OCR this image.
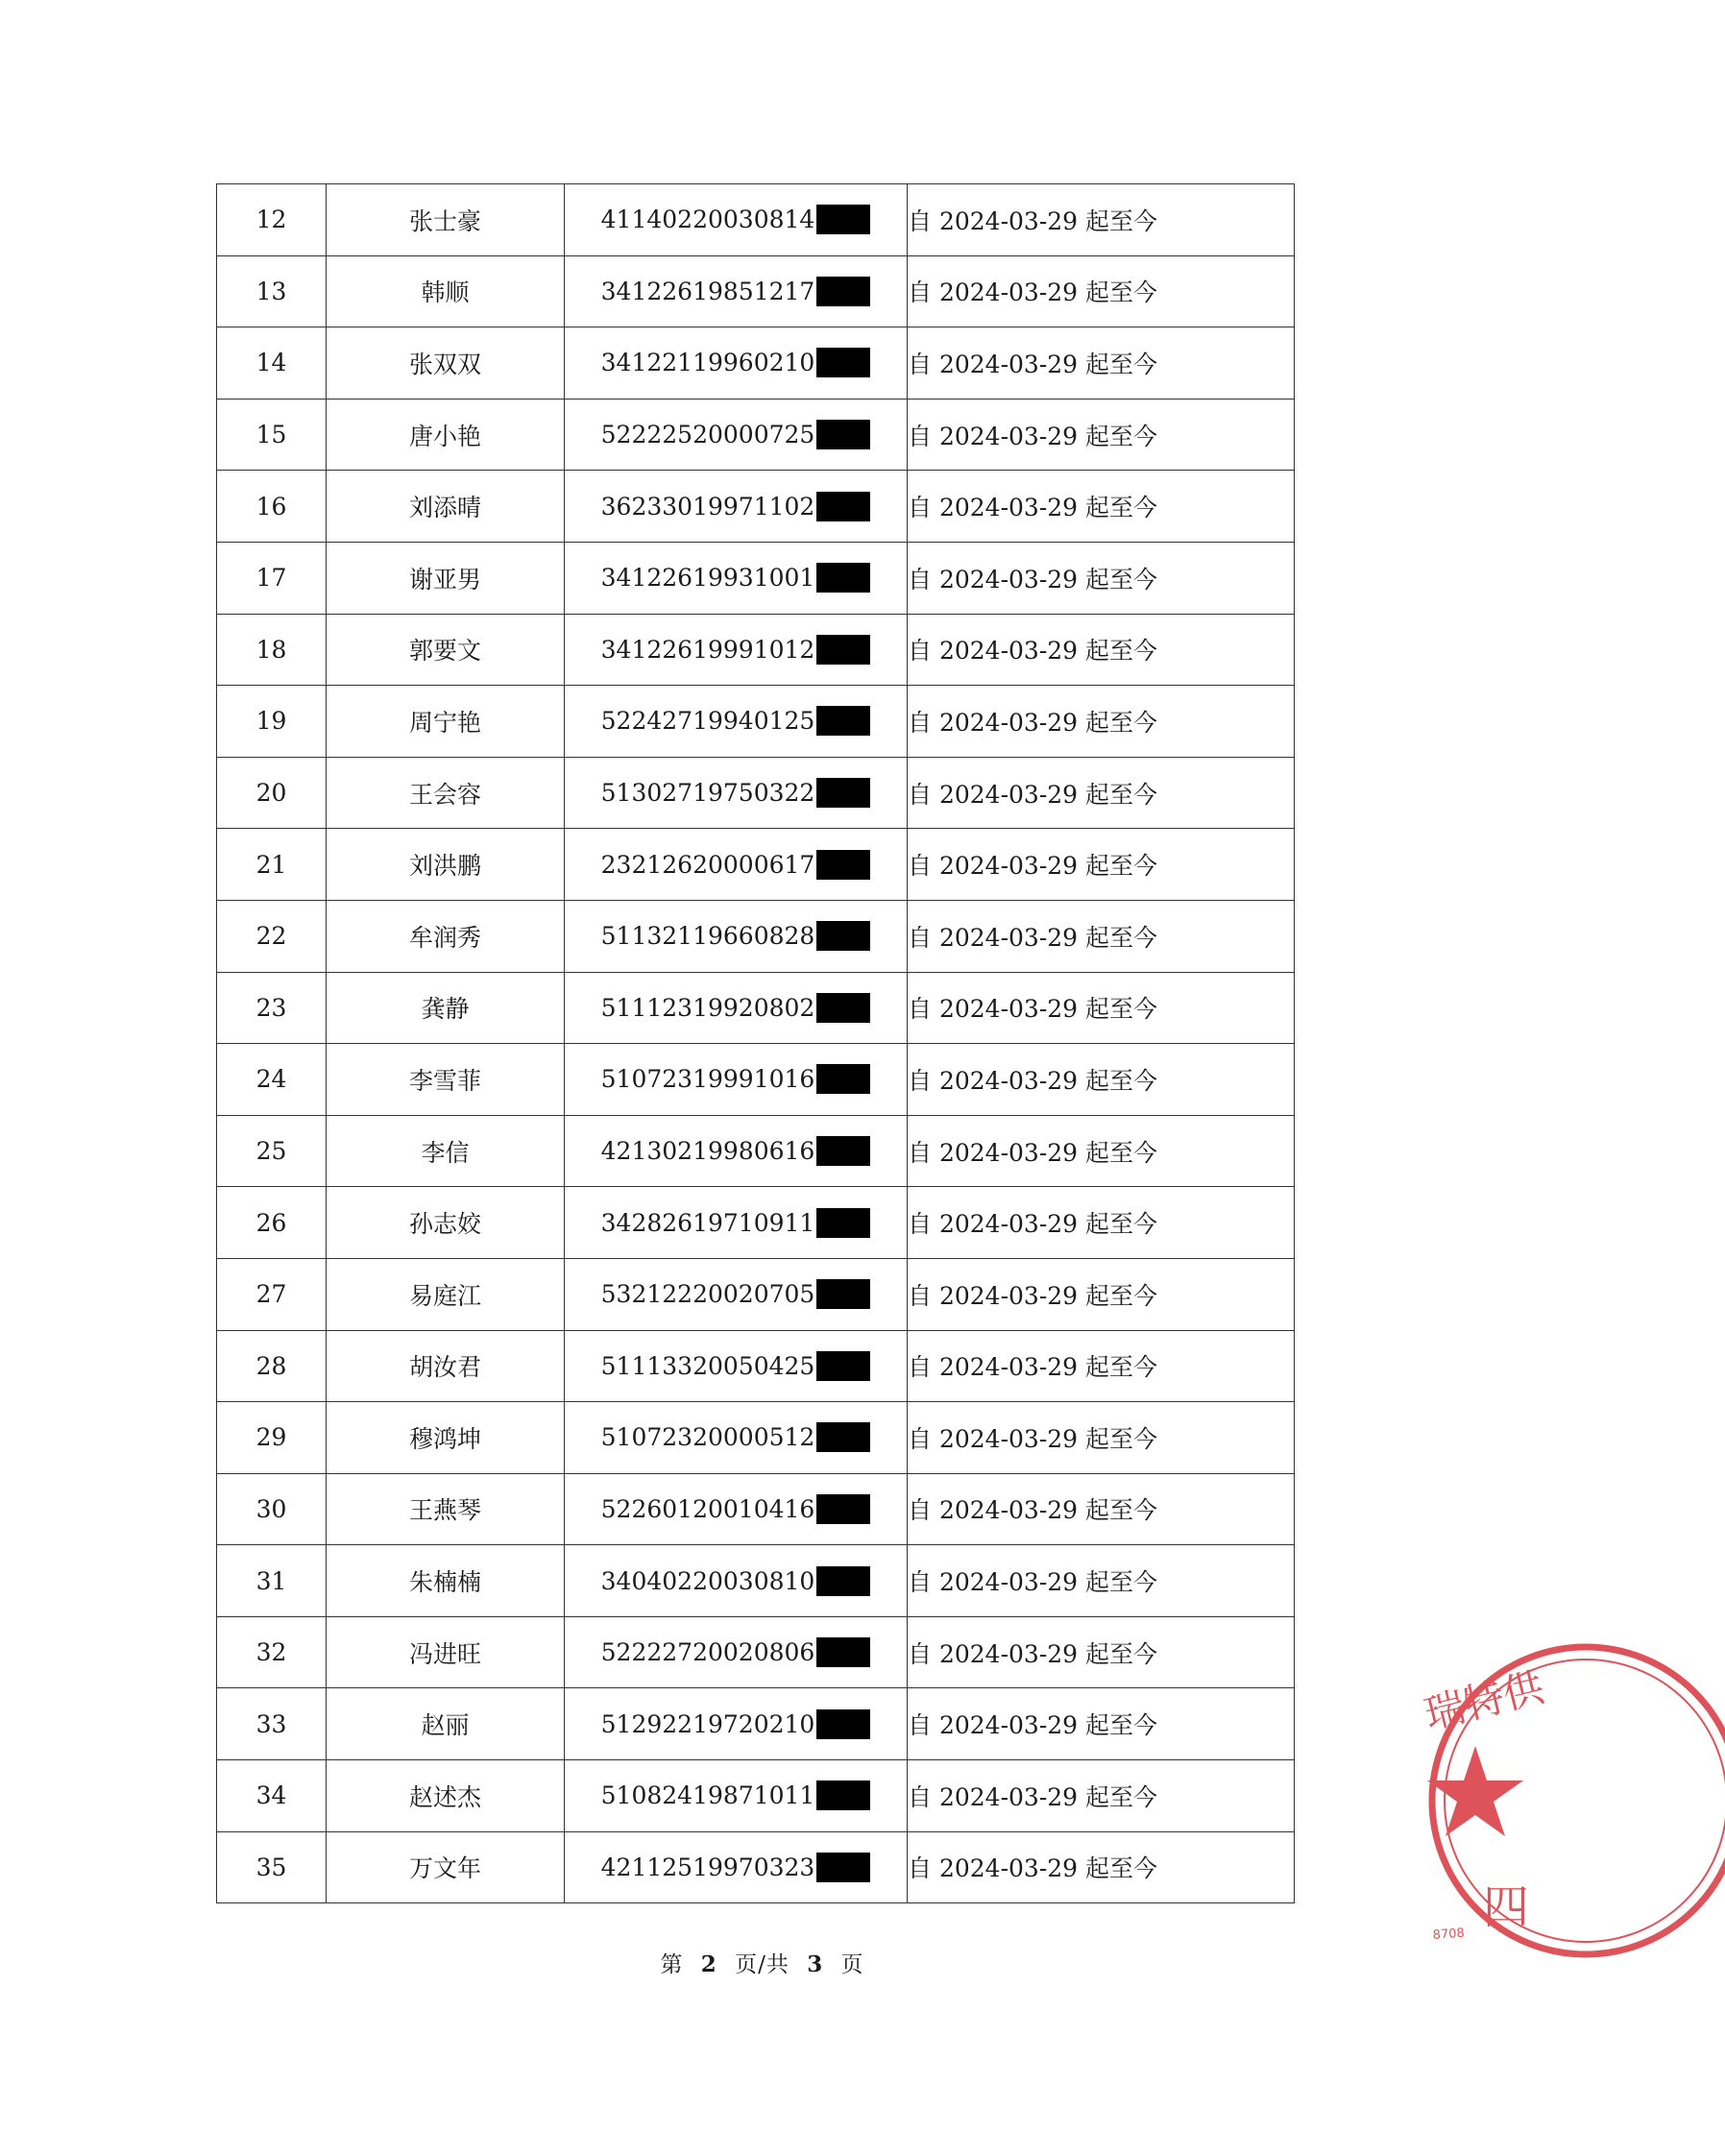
12	张士豪	41140220030814	自 2024-03-29 起至今
13	韩顺	34122619851217	自 2024-03-29 起至今
14	张双双	34122119960210	自 2024-03-29 起至今
15	唐小艳	52222520000725	自 2024-03-29 起至今
16	刘添晴	36233019971102	自 2024-03-29 起至今
17	谢亚男	34122619931001	自 2024-03-29 起至今
18	郭要文	34122619991012	自 2024-03-29 起至今
19	周宁艳	52242719940125	自 2024-03-29 起至今
20	王会容	51302719750322	自 2024-03-29 起至今
21	刘洪鹏	23212620000617	自 2024-03-29 起至今
22	牟润秀	51132119660828	自 2024-03-29 起至今
23	龚静	51112319920802	自 2024-03-29 起至今
24	李雪菲	51072319991016	自 2024-03-29 起至今
25	李信	42130219980616	自 2024-03-29 起至今
26	孙志姣	34282619710911	自 2024-03-29 起至今
27	易庭江	53212220020705	自 2024-03-29 起至今
28	胡汝君	51113320050425	自 2024-03-29 起至今
29	穆鸿坤	51072320000512	自 2024-03-29 起至今
30	王燕琴	52260120010416	自 2024-03-29 起至今
31	朱楠楠	34040220030810	自 2024-03-29 起至今
32	冯进旺	52222720020806	自 2024-03-29 起至今
33	赵丽	51292219720210	自 2024-03-29 起至今
34	赵述杰	51082419871011	自 2024-03-29 起至今
35	万文年	42112519970323	自 2024-03-29 起至今
第 2 页/共 3 页
瑞特供
四
8708
